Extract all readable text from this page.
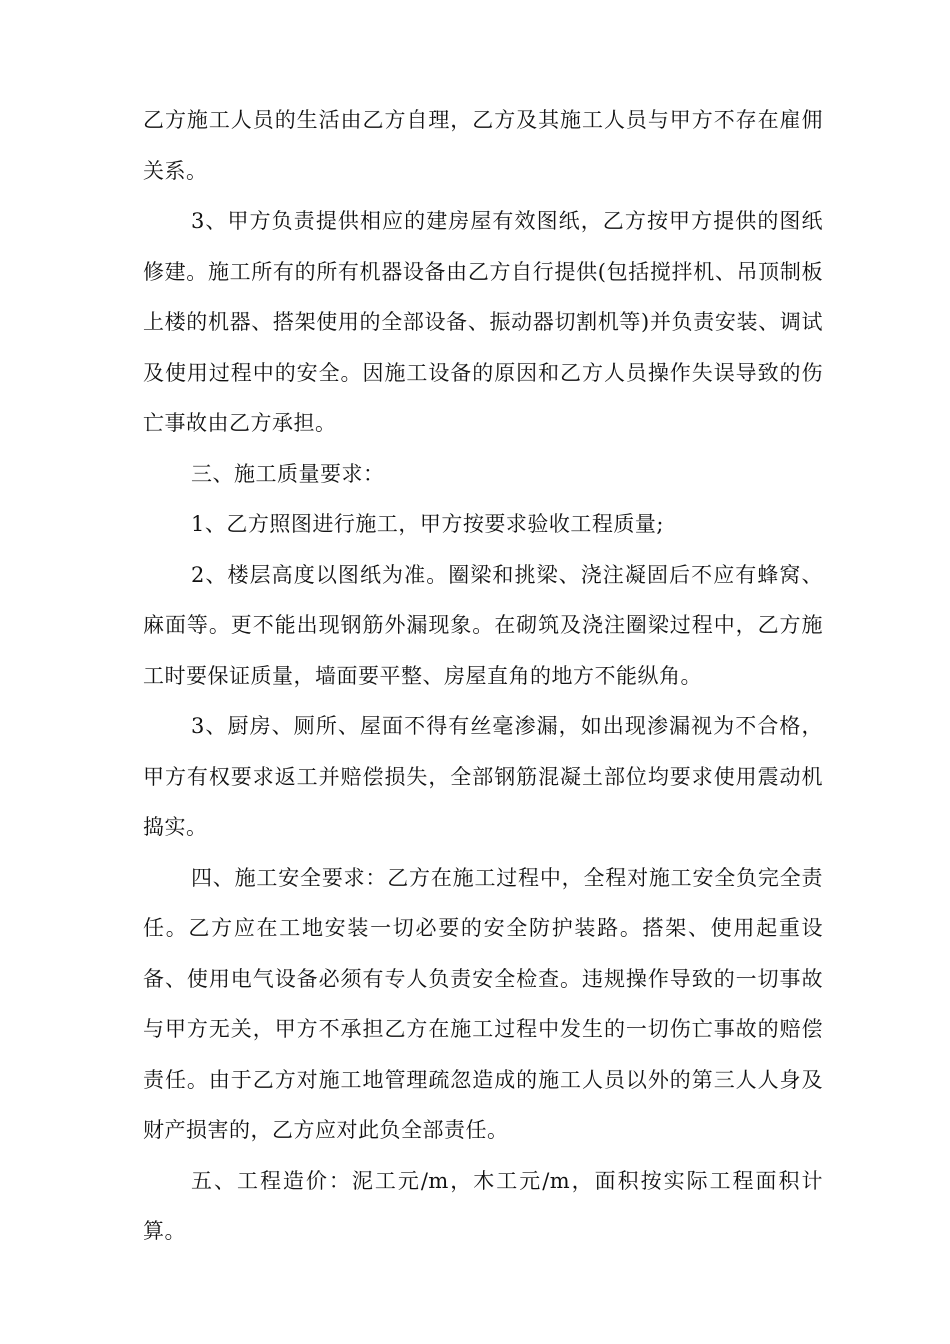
乙方施工人员的生活由乙方自理，乙方及其施工人员与甲方不存在雇佣关系。

3、甲方负责提供相应的建房屋有效图纸，乙方按甲方提供的图纸修建。施工所有的所有机器设备由乙方自行提供(包括搅拌机、吊顶制板上楼的机器、搭架使用的全部设备、振动器切割机等)并负责安装、调试及使用过程中的安全。因施工设备的原因和乙方人员操作失误导致的伤亡事故由乙方承担。

三、施工质量要求：

1、乙方照图进行施工，甲方按要求验收工程质量;

2、楼层高度以图纸为准。圈梁和挑梁、浇注凝固后不应有蜂窝、麻面等。更不能出现钢筋外漏现象。在砌筑及浇注圈梁过程中，乙方施工时要保证质量，墙面要平整、房屋直角的地方不能纵角。

3、厨房、厕所、屋面不得有丝毫渗漏，如出现渗漏视为不合格，甲方有权要求返工并赔偿损失，全部钢筋混凝土部位均要求使用震动机捣实。

四、施工安全要求：乙方在施工过程中，全程对施工安全负完全责任。乙方应在工地安装一切必要的安全防护装路。搭架、使用起重设备、使用电气设备必须有专人负责安全检查。违规操作导致的一切事故与甲方无关，甲方不承担乙方在施工过程中发生的一切伤亡事故的赔偿责任。由于乙方对施工地管理疏忽造成的施工人员以外的第三人人身及财产损害的，乙方应对此负全部责任。

五、工程造价：泥工元/m，木工元/m，面积按实际工程面积计算。
